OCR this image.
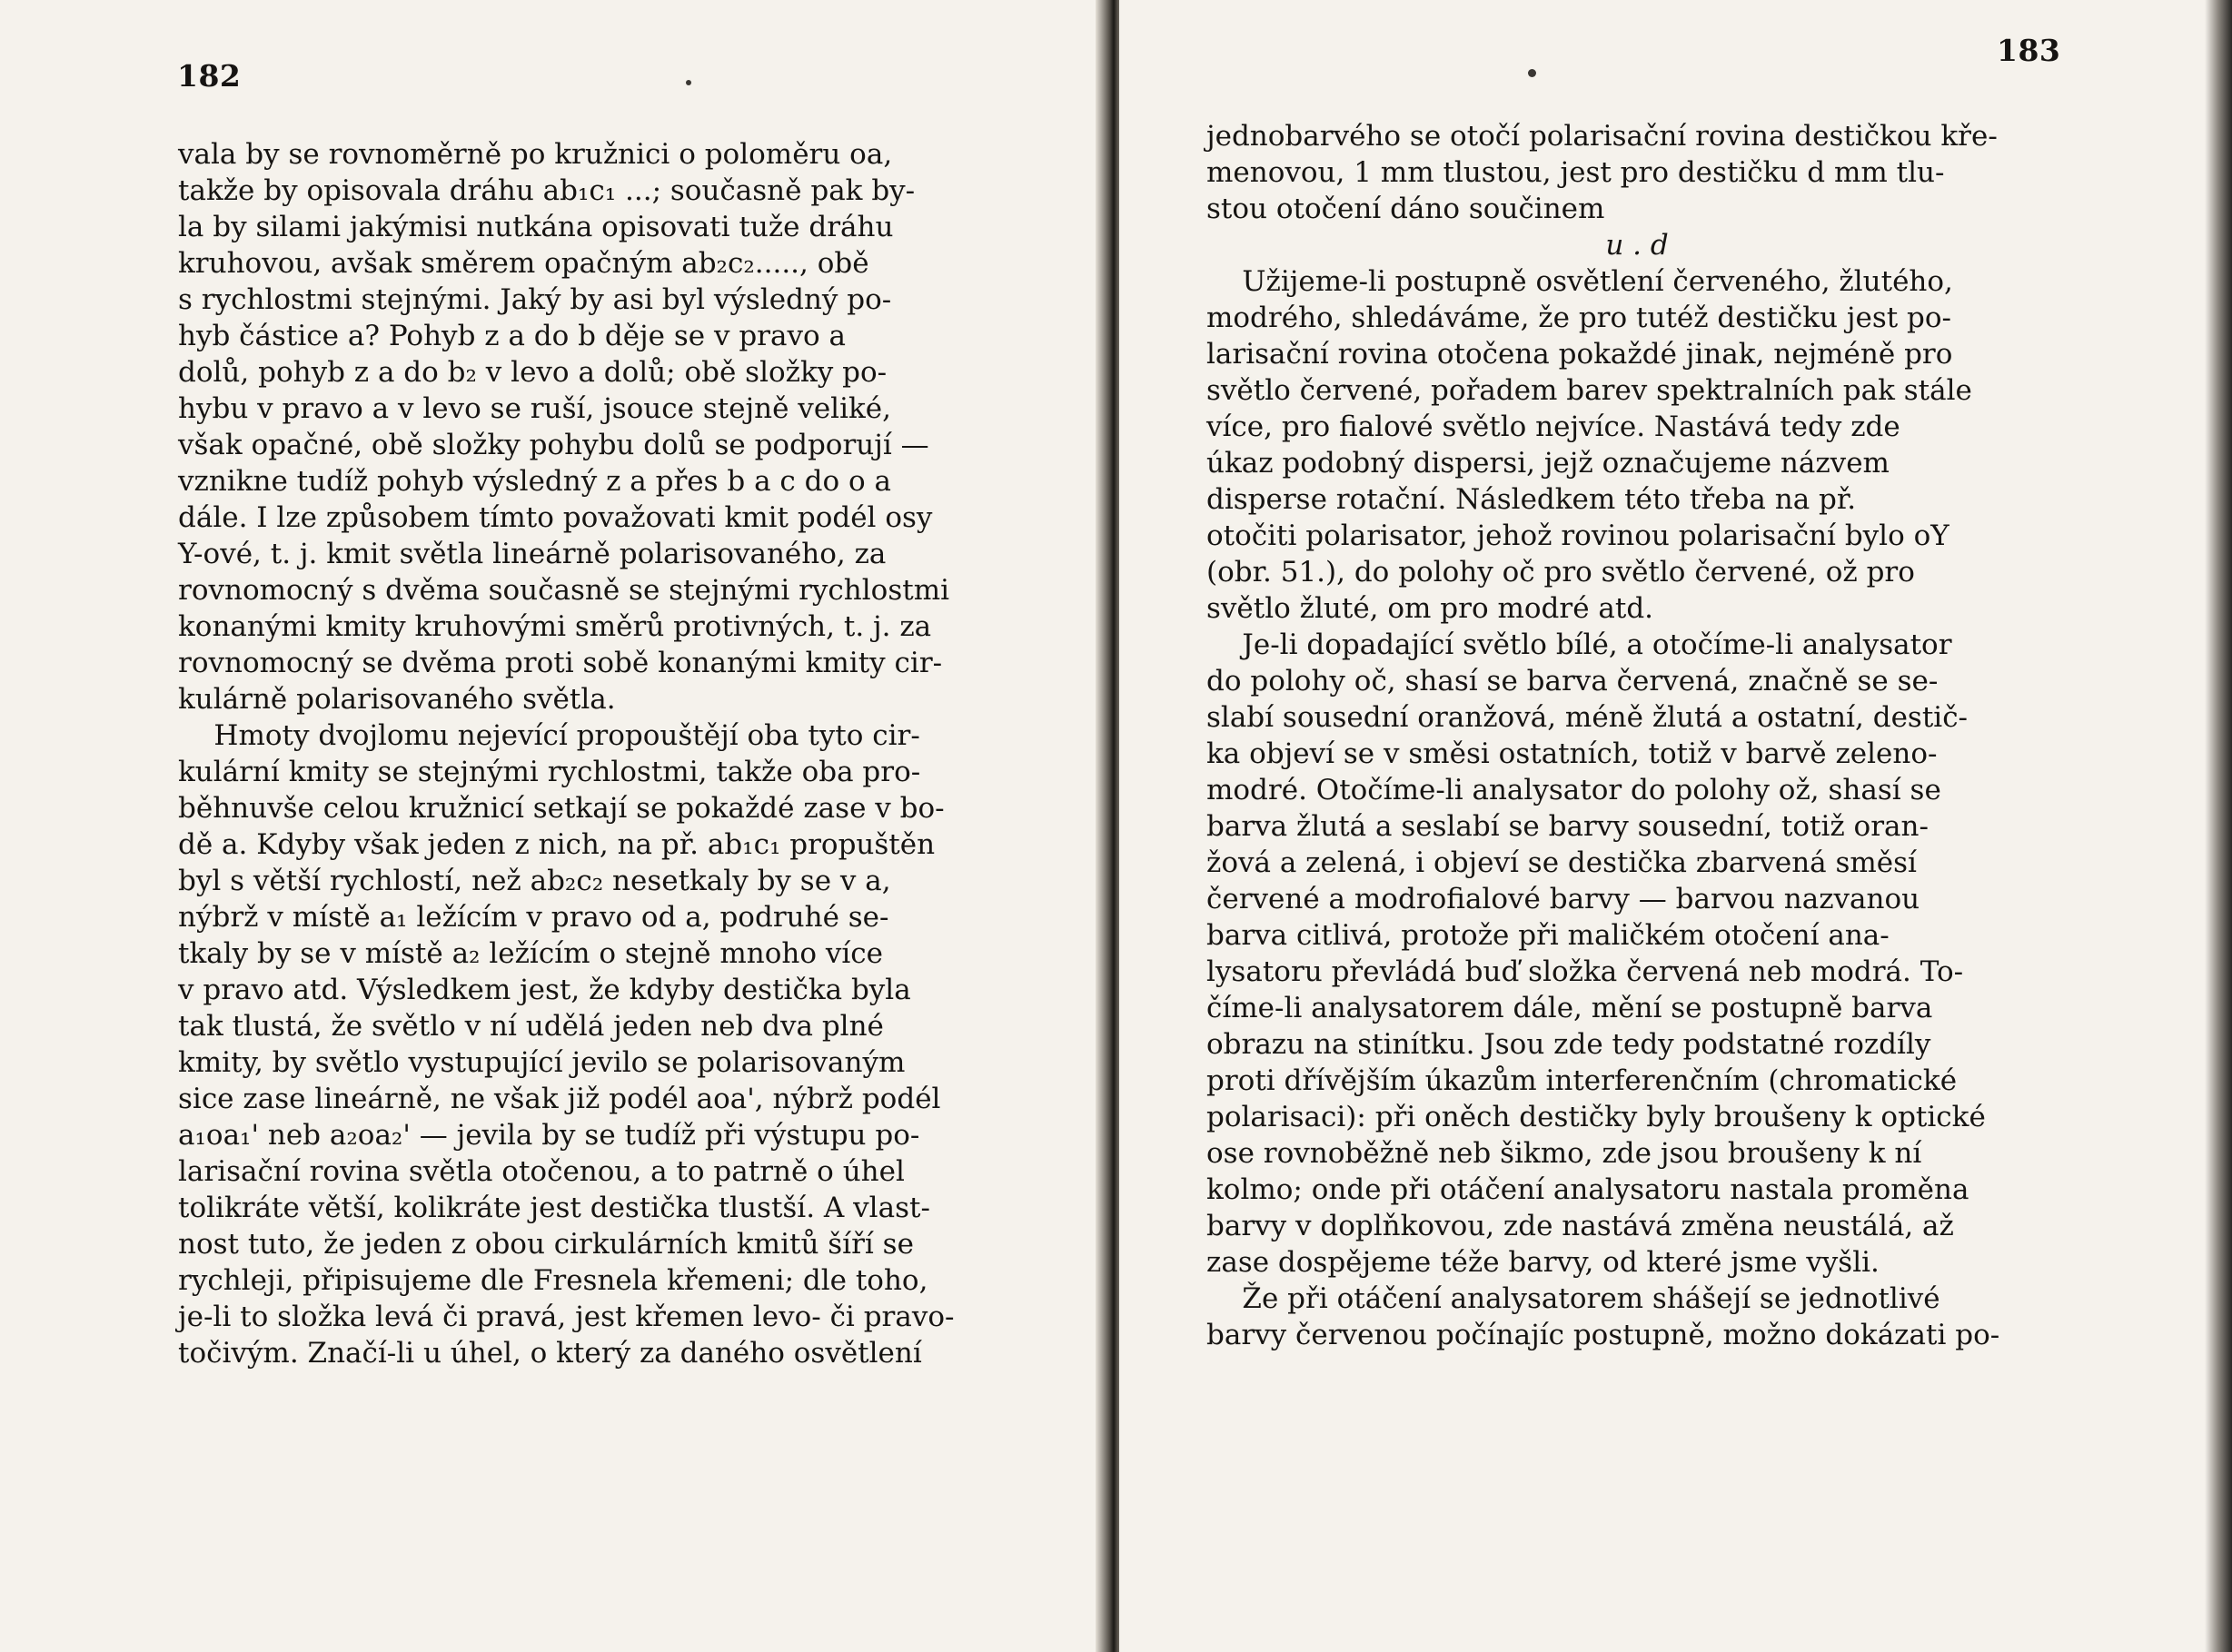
182
vala by se rovnoměrně po kružnici o poloměru oa,
takže by opisovala dráhu ab₁c₁ ...; současně pak by-
la by silami jakýmisi nutkána opisovati tuže dráhu
kruhovou, avšak směrem opačným ab₂c₂....., obě
s rychlostmi stejnými. Jaký by asi byl výsledný po-
hyb částice a? Pohyb z a do b děje se v pravo a
dolů, pohyb z a do b₂ v levo a dolů; obě složky po-
hybu v pravo a v levo se ruší, jsouce stejně veliké,
však opačné, obě složky pohybu dolů se podporují —
vznikne tudíž pohyb výsledný z a přes b a c do o a
dále. I lze způsobem tímto považovati kmit podél osy
Y-ové, t. j. kmit světla lineárně polarisovaného, za
rovnomocný s dvěma současně se stejnými rychlostmi
konanými kmity kruhovými směrů protivných, t. j. za
rovnomocný se dvěma proti sobě konanými kmity cir-
kulárně polarisovaného světla.
Hmoty dvojlomu nejevící propouštějí oba tyto cir-
kulární kmity se stejnými rychlostmi, takže oba pro-
běhnuvše celou kružnicí setkají se pokaždé zase v bo-
dě a. Kdyby však jeden z nich, na př. ab₁c₁ propuštěn
byl s větší rychlostí, než ab₂c₂ nesetkaly by se v a,
nýbrž v místě a₁ ležícím v pravo od a, podruhé se-
tkaly by se v místě a₂ ležícím o stejně mnoho více
v pravo atd. Výsledkem jest, že kdyby destička byla
tak tlustá, že světlo v ní udělá jeden neb dva plné
kmity, by světlo vystupující jevilo se polarisovaným
sice zase lineárně, ne však již podél aoa', nýbrž podél
a₁oa₁' neb a₂oa₂' — jevila by se tudíž při výstupu po-
larisační rovina světla otočenou, a to patrně o úhel
tolikráte větší, kolikráte jest destička tlustší. A vlast-
nost tuto, že jeden z obou cirkulárních kmitů šíří se
rychleji, připisujeme dle Fresnela křemeni; dle toho,
je-li to složka levá či pravá, jest křemen levo- či pravo-
točivým. Značí-li u úhel, o který za daného osvětlení
jednobarvého se otočí polarisační rovina destičkou kře-
menovou, 1 mm tlustou, jest pro destičku d mm tlu-
stou otočení dáno součinem
u . d
Užijeme-li postupně osvětlení červeného, žlutého,
modrého, shledáváme, že pro tutéž destičku jest po-
larisační rovina otočena pokaždé jinak, nejméně pro
světlo červené, pořadem barev spektralních pak stále
více, pro fialové světlo nejvíce. Nastává tedy zde
úkaz podobný dispersi, jejž označujeme názvem
disperse rotační. Následkem této třeba na př.
otočiti polarisator, jehož rovinou polarisační bylo oY
(obr. 51.), do polohy oč pro světlo červené, ož pro
světlo žluté, om pro modré atd.
Je-li dopadající světlo bílé, a otočíme-li analysator
do polohy oč, shasí se barva červená, značně se se-
slabí sousední oranžová, méně žlutá a ostatní, destič-
ka objeví se v směsi ostatních, totiž v barvě zeleno-
modré. Otočíme-li analysator do polohy ož, shasí se
barva žlutá a seslabí se barvy sousední, totiž oran-
žová a zelená, i objeví se destička zbarvená směsí
červené a modrofialové barvy — barvou nazvanou
barva citlivá, protože při maličkém otočení ana-
lysatoru převládá buď složka červená neb modrá. To-
číme-li analysatorem dále, mění se postupně barva
obrazu na stinítku. Jsou zde tedy podstatné rozdíly
proti dřívějším úkazům interferenčním (chromatické
polarisaci): při oněch destičky byly broušeny k optické
ose rovnoběžně neb šikmo, zde jsou broušeny k ní
kolmo; onde při otáčení analysatoru nastala proměna
barvy v doplňkovou, zde nastává změna neustálá, až
zase dospějeme téže barvy, od které jsme vyšli.
Že při otáčení analysatorem shášejí se jednotlivé
barvy červenou počínajíc postupně, možno dokázati po-
183
